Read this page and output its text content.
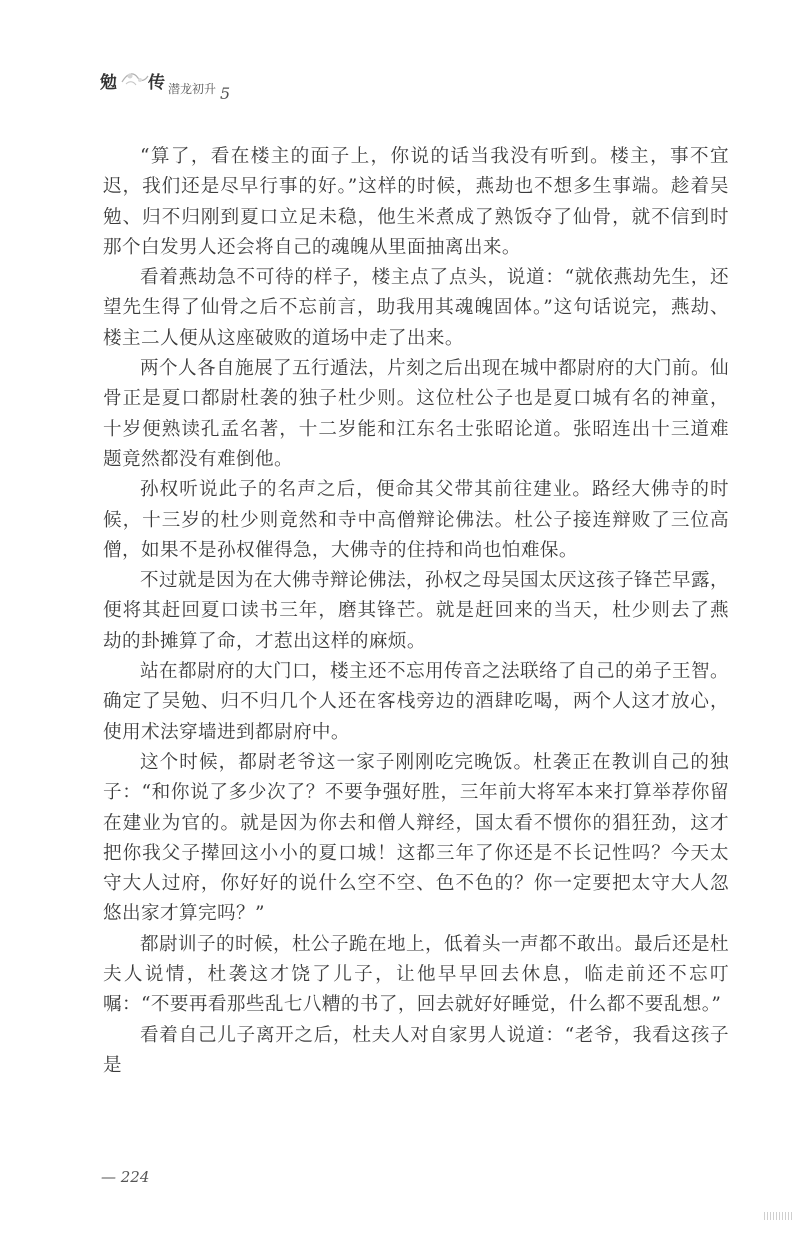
勉 传 潜龙初升 5

“算了，看在楼主的面子上，你说的话当我没有听到。楼主，事不宜迟，我们还是尽早行事的好。”这样的时候，燕劫也不想多生事端。趁着吴勉、归不归刚到夏口立足未稳，他生米煮成了熟饭夺了仙骨，就不信到时那个白发男人还会将自己的魂魄从里面抽离出来。

看着燕劫急不可待的样子，楼主点了点头，说道：“就依燕劫先生，还望先生得了仙骨之后不忘前言，助我用其魂魄固体。”这句话说完，燕劫、楼主二人便从这座破败的道场中走了出来。

两个人各自施展了五行遁法，片刻之后出现在城中都尉府的大门前。仙骨正是夏口都尉杜袭的独子杜少则。这位杜公子也是夏口城有名的神童，十岁便熟读孔孟名著，十二岁能和江东名士张昭论道。张昭连出十三道难题竟然都没有难倒他。

孙权听说此子的名声之后，便命其父带其前往建业。路经大佛寺的时候，十三岁的杜少则竟然和寺中高僧辩论佛法。杜公子接连辩败了三位高僧，如果不是孙权催得急，大佛寺的住持和尚也怕难保。

不过就是因为在大佛寺辩论佛法，孙权之母吴国太厌这孩子锋芒早露，便将其赶回夏口读书三年，磨其锋芒。就是赶回来的当天，杜少则去了燕劫的卦摊算了命，才惹出这样的麻烦。

站在都尉府的大门口，楼主还不忘用传音之法联络了自己的弟子王智。确定了吴勉、归不归几个人还在客栈旁边的酒肆吃喝，两个人这才放心，使用术法穿墙进到都尉府中。

这个时候，都尉老爷这一家子刚刚吃完晚饭。杜袭正在教训自己的独子：“和你说了多少次了？不要争强好胜，三年前大将军本来打算举荐你留在建业为官的。就是因为你去和僧人辩经，国太看不惯你的猖狂劲，这才把你我父子撵回这小小的夏口城！这都三年了你还是不长记性吗？今天太守大人过府，你好好的说什么空不空、色不色的？你一定要把太守大人忽悠出家才算完吗？”

都尉训子的时候，杜公子跪在地上，低着头一声都不敢出。最后还是杜夫人说情，杜袭这才饶了儿子，让他早早回去休息，临走前还不忘叮嘱：“不要再看那些乱七八糟的书了，回去就好好睡觉，什么都不要乱想。”

看着自己儿子离开之后，杜夫人对自家男人说道：“老爷，我看这孩子是

— 224
